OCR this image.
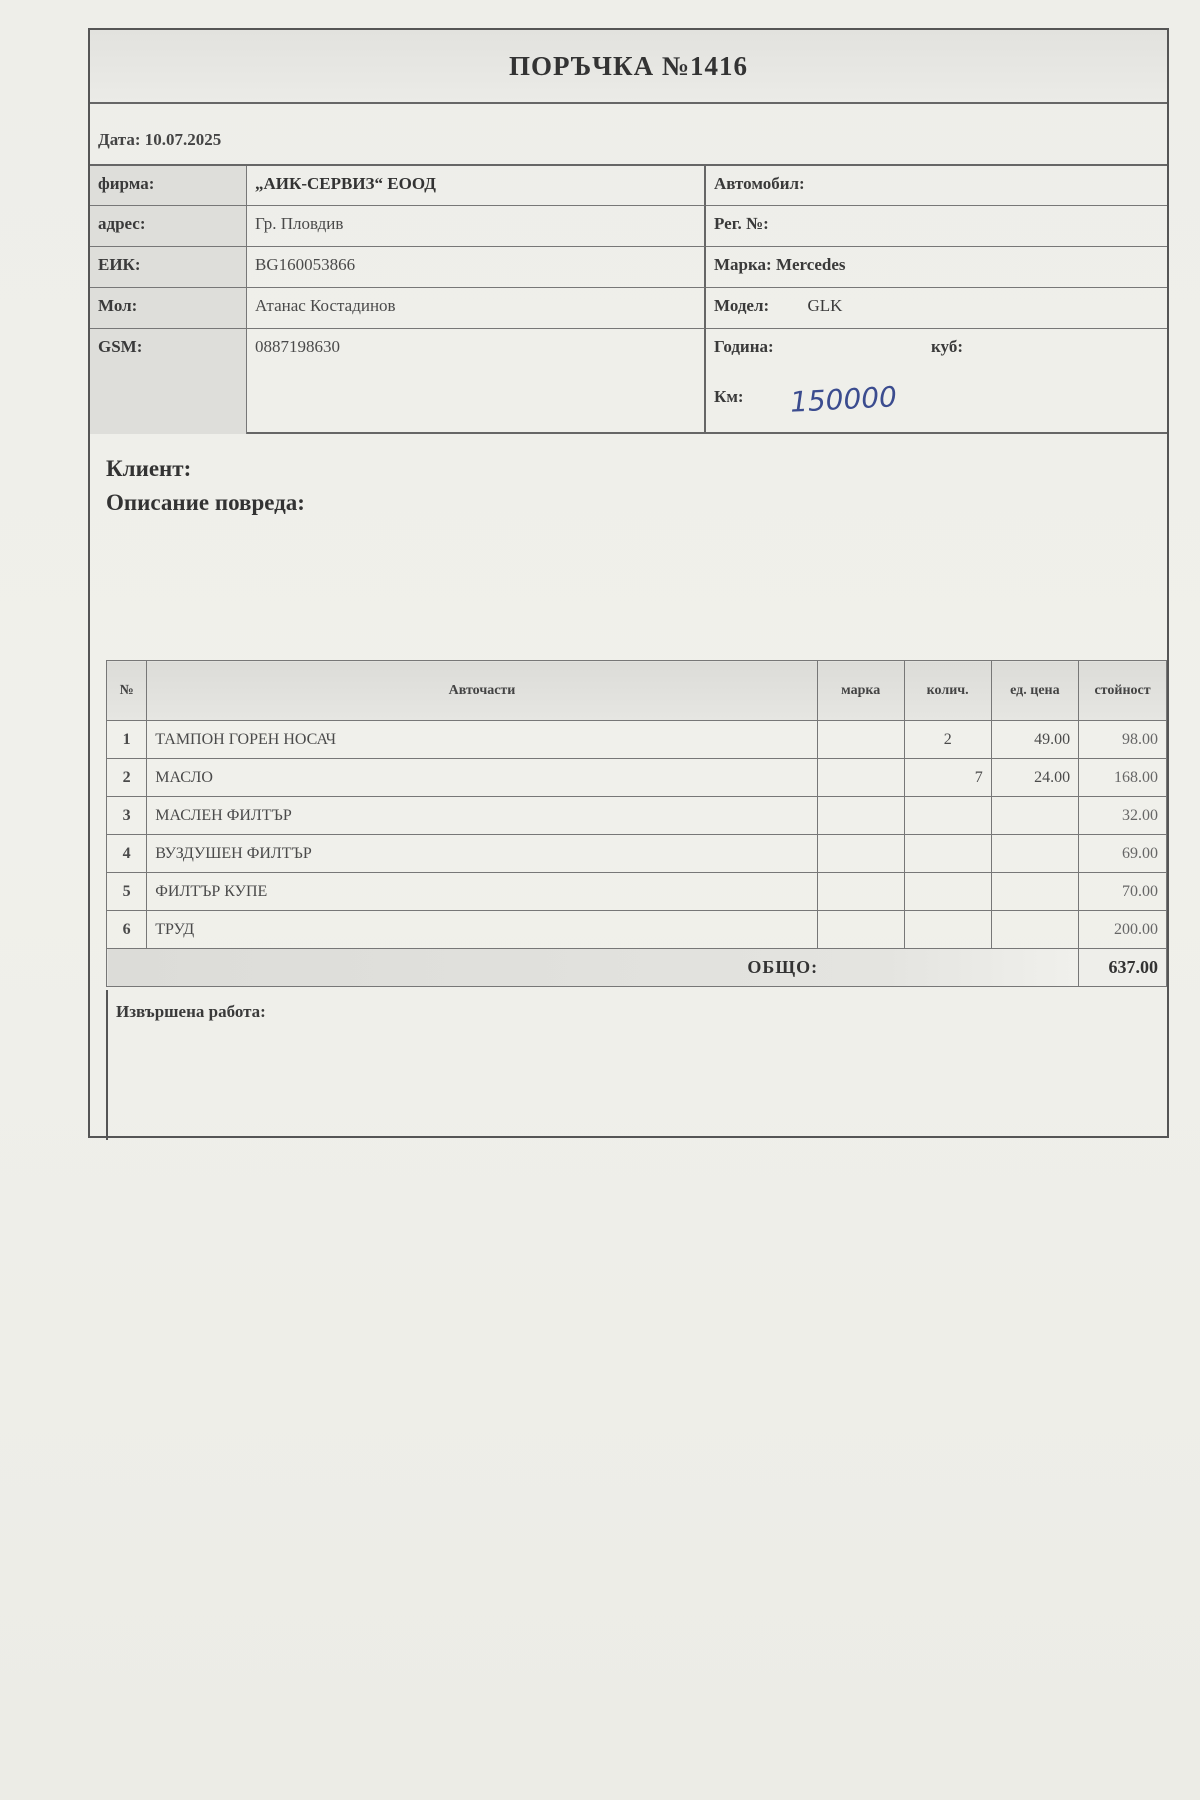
ПОРЪЧКА №1416
Дата: 10.07.2025
фирма:	„АИК-СЕРВИЗ“ ЕООД	Автомобил:
адрес:	Гр. Пловдив	Рег. №:
ЕИК:	BG160053866	Марка: Mercedes
Мол:	Атанас Костадинов	Модел: GLK
GSM:	0887198630	Година:	куб:
Км: 150000
Клиент:
Описание повреда:
№	Авточасти	марка	колич.	ед. цена	стойност
1	ТАМПОН ГОРЕН НОСАЧ		2	49.00	98.00
2	МАСЛО		7	24.00	168.00
3	МАСЛЕН ФИЛТЪР				32.00
4	ВУЗДУШЕН ФИЛТЪР				69.00
5	ФИЛТЪР КУПЕ				70.00
6	ТРУД				200.00
ОБЩО:					637.00
Извършена работа:
